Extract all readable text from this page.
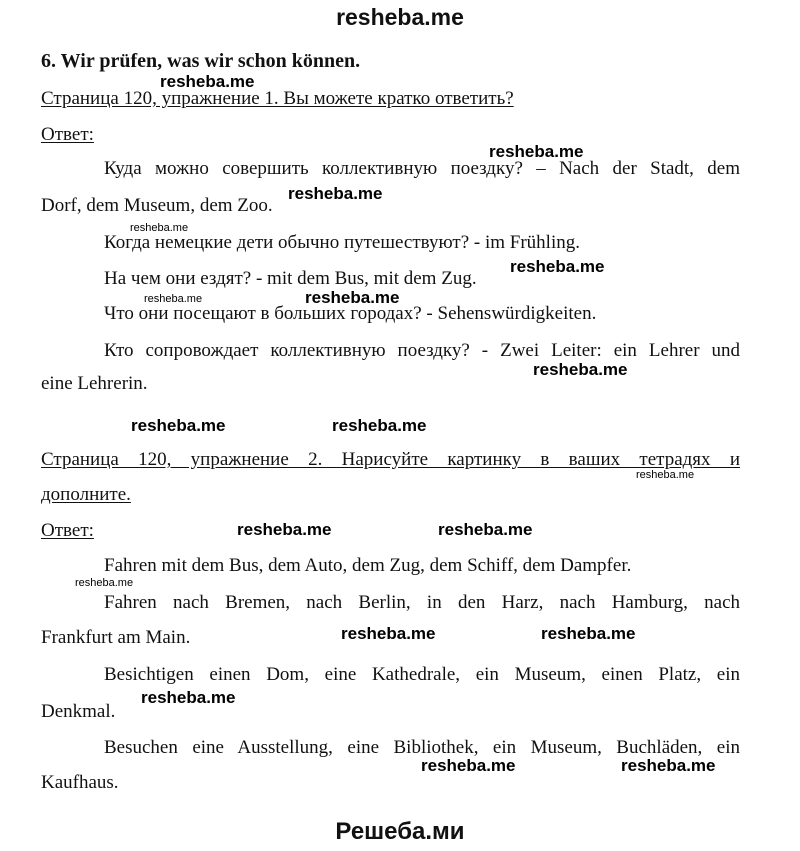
resheba.me
6. Wir prüfen, was wir schon können.
Страница 120, упражнение 1. Вы можете кратко ответить?
Ответ:
Куда можно совершить коллективную поездку? – Nach der Stadt, dem
Dorf, dem Museum, dem Zoo.
Когда немецкие дети обычно путешествуют? - im Frühling.
На чем они ездят? - mit dem Bus, mit dem Zug.
Что они посещают в больших городах? - Sehenswürdigkeiten.
Кто сопровождает коллективную поездку? - Zwei Leiter: ein Lehrer und
eine Lehrerin.
Страница 120, упражнение 2. Нарисуйте картинку в ваших тетрадях и
дополните.
Ответ:
Fahren mit dem Bus, dem Auto, dem Zug, dem Schiff, dem Dampfer.
Fahren nach Bremen, nach Berlin, in den Harz, nach Hamburg, nach
Frankfurt am Main.
Besichtigen einen Dom, eine Kathedrale, ein Museum, einen Platz, ein
Denkmal.
Besuchen eine Ausstellung, eine Bibliothek, ein Museum, Buchläden, ein
Kaufhaus.
resheba.me
resheba.me
resheba.me
resheba.me
resheba.me
resheba.me	resheba.me
resheba.me
resheba.me	resheba.me
resheba.me
resheba.me	resheba.me
resheba.me
resheba.me	resheba.me
resheba.me
resheba.me	resheba.me
Решеба.ми
